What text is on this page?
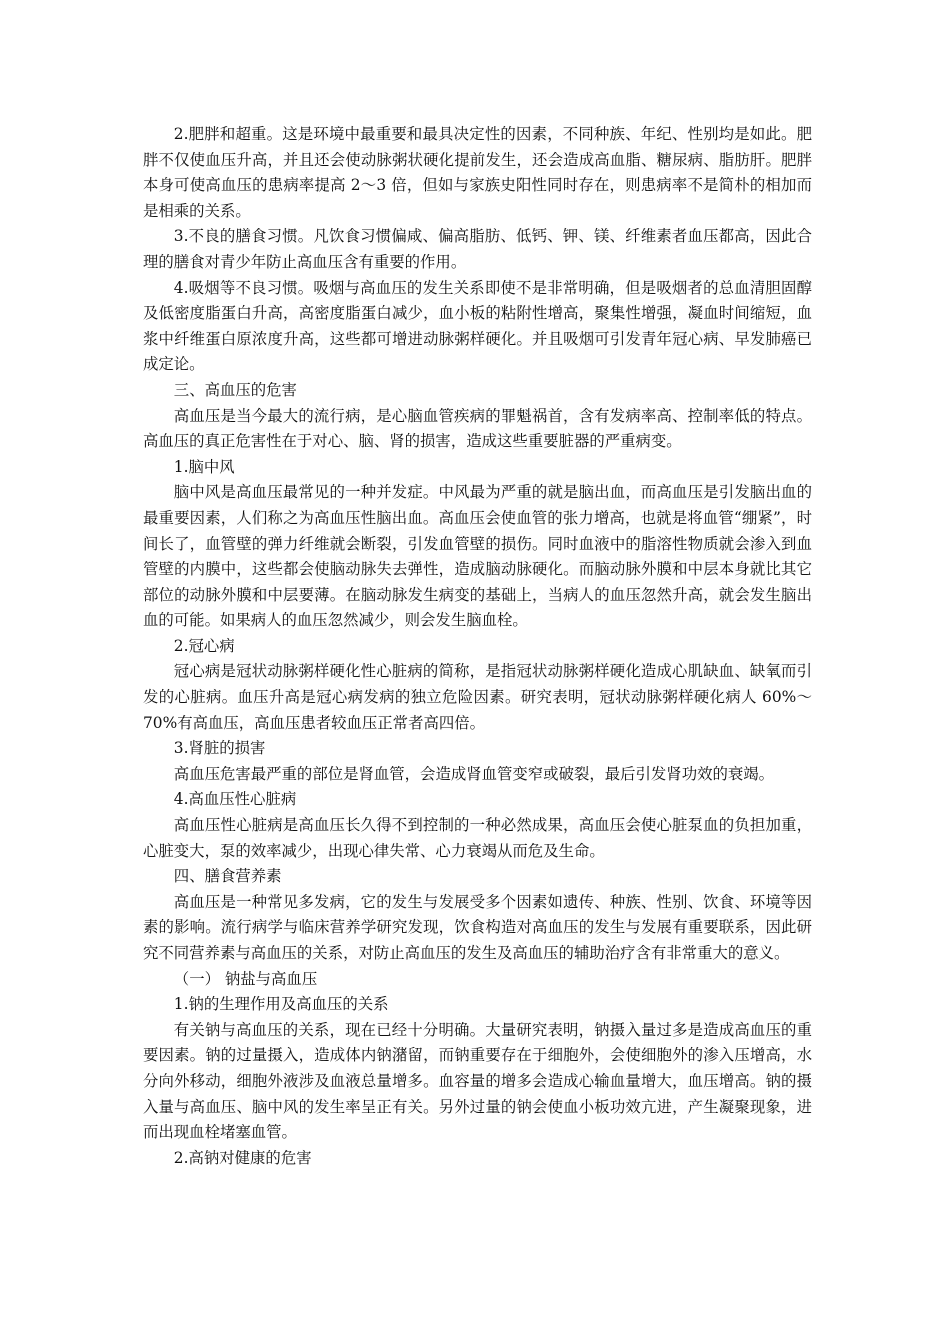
2.肥胖和超重。这是环境中最重要和最具决定性的因素，不同种族、年纪、性别均是如此。肥胖不仅使血压升高，并且还会使动脉粥状硬化提前发生，还会造成高血脂、糖尿病、脂肪肝。肥胖本身可使高血压的患病率提高 2～3 倍，但如与家族史阳性同时存在，则患病率不是简朴的相加而是相乘的关系。

3.不良的膳食习惯。凡饮食习惯偏咸、偏高脂肪、低钙、钾、镁、纤维素者血压都高，因此合理的膳食对青少年防止高血压含有重要的作用。

4.吸烟等不良习惯。吸烟与高血压的发生关系即使不是非常明确，但是吸烟者的总血清胆固醇及低密度脂蛋白升高，高密度脂蛋白减少，血小板的粘附性增高，聚集性增强，凝血时间缩短，血浆中纤维蛋白原浓度升高，这些都可增进动脉粥样硬化。并且吸烟可引发青年冠心病、早发肺癌已成定论。

三、高血压的危害

高血压是当今最大的流行病，是心脑血管疾病的罪魁祸首，含有发病率高、控制率低的特点。高血压的真正危害性在于对心、脑、肾的损害，造成这些重要脏器的严重病变。

1.脑中风

脑中风是高血压最常见的一种并发症。中风最为严重的就是脑出血，而高血压是引发脑出血的最重要因素，人们称之为高血压性脑出血。高血压会使血管的张力增高，也就是将血管“绷紧”，时间长了，血管壁的弹力纤维就会断裂，引发血管壁的损伤。同时血液中的脂溶性物质就会渗入到血管壁的内膜中，这些都会使脑动脉失去弹性，造成脑动脉硬化。而脑动脉外膜和中层本身就比其它部位的动脉外膜和中层要薄。在脑动脉发生病变的基础上，当病人的血压忽然升高，就会发生脑出血的可能。如果病人的血压忽然减少，则会发生脑血栓。

2.冠心病

冠心病是冠状动脉粥样硬化性心脏病的简称，是指冠状动脉粥样硬化造成心肌缺血、缺氧而引发的心脏病。血压升高是冠心病发病的独立危险因素。研究表明，冠状动脉粥样硬化病人 60%～70%有高血压，高血压患者较血压正常者高四倍。

3.肾脏的损害

高血压危害最严重的部位是肾血管，会造成肾血管变窄或破裂，最后引发肾功效的衰竭。

4.高血压性心脏病

高血压性心脏病是高血压长久得不到控制的一种必然成果，高血压会使心脏泵血的负担加重，心脏变大，泵的效率减少，出现心律失常、心力衰竭从而危及生命。

四、膳食营养素

高血压是一种常见多发病，它的发生与发展受多个因素如遗传、种族、性别、饮食、环境等因素的影响。流行病学与临床营养学研究发现，饮食构造对高血压的发生与发展有重要联系，因此研究不同营养素与高血压的关系，对防止高血压的发生及高血压的辅助治疗含有非常重大的意义。

（一） 钠盐与高血压

1.钠的生理作用及高血压的关系

有关钠与高血压的关系，现在已经十分明确。大量研究表明，钠摄入量过多是造成高血压的重要因素。钠的过量摄入，造成体内钠潴留，而钠重要存在于细胞外，会使细胞外的渗入压增高，水分向外移动，细胞外液涉及血液总量增多。血容量的增多会造成心输血量增大，血压增高。钠的摄入量与高血压、脑中风的发生率呈正有关。另外过量的钠会使血小板功效亢进，产生凝聚现象，进而出现血栓堵塞血管。

2.高钠对健康的危害
